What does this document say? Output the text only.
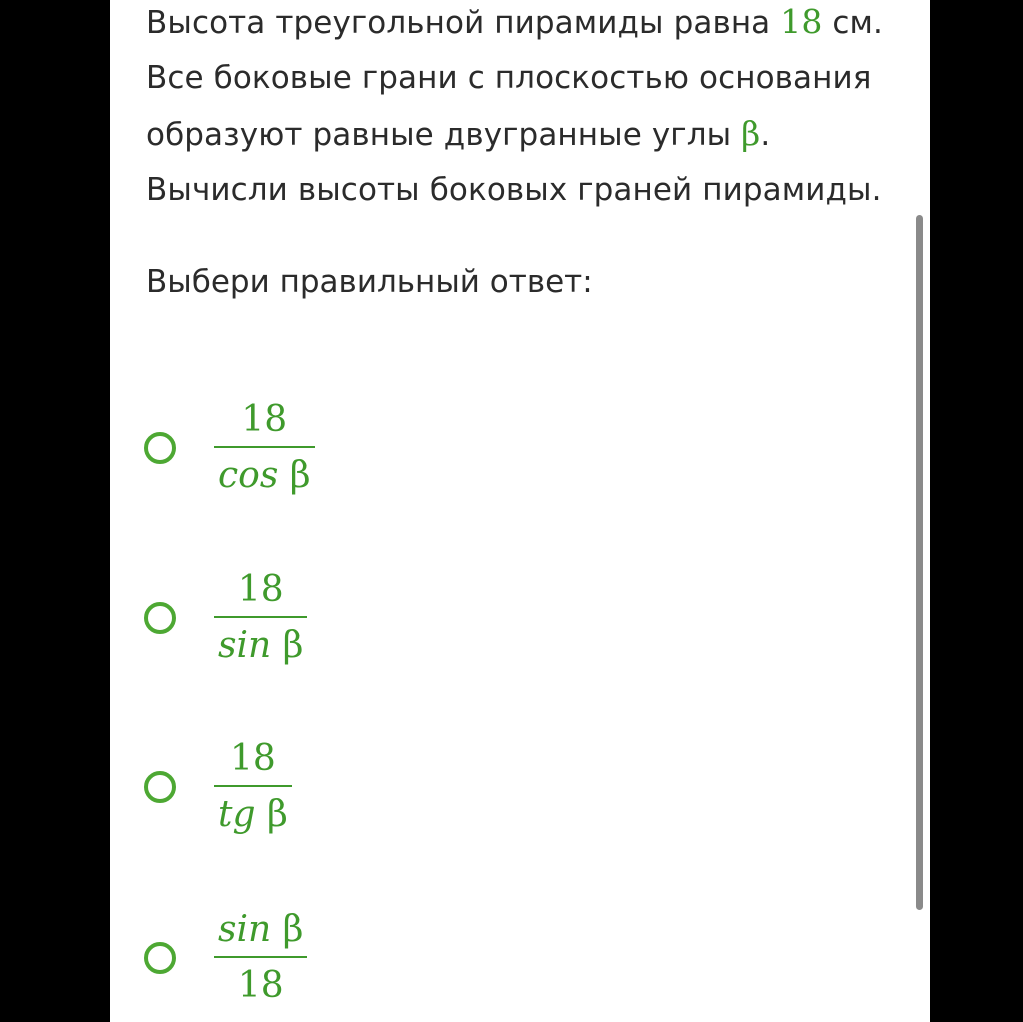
Высота треугольной пирамиды равна 18 см.
Все боковые грани с плоскостью основания
образуют равные двугранные углы β.
Вычисли высоты боковых граней пирамиды.
Выбери правильный ответ:
$\frac{18}{\text{cos β}}$
$\frac{18}{\text{sin β}}$
$\frac{18}{\text{tg β}}$
$\frac{\text{sin β}}{18}$
